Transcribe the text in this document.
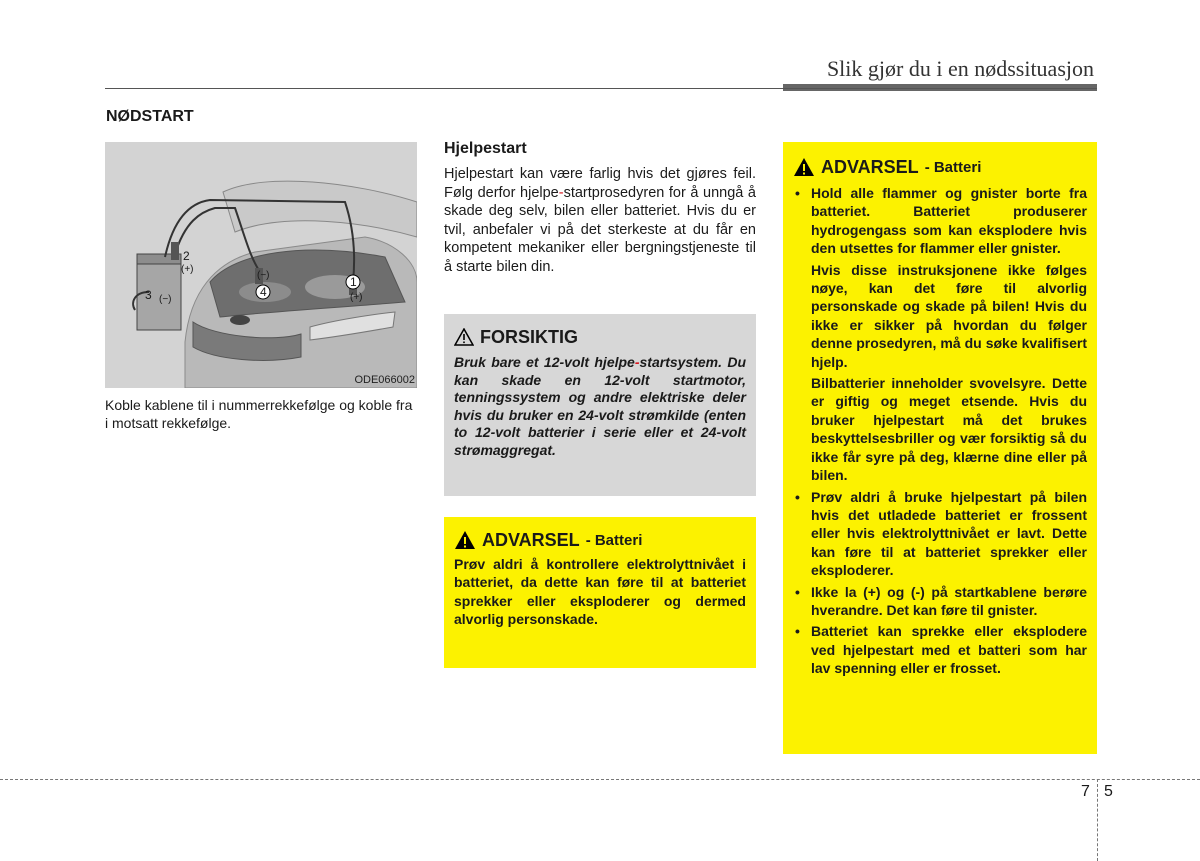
Slik gjør du i en nødssituasjon
NØDSTART
1
2
3	4	(+)
(+)
(−)
(−)
ODE066002
Koble kablene til i nummerrekkefølge og koble fra i motsatt rekkefølge.
Hjelpestart
Hjelpestart kan være farlig hvis det gjøres feil. Følg derfor hjelpe-startprosedyren for å unngå å skade deg selv, bilen eller batteriet. Hvis du er tvil, anbefaler vi på det sterkeste at du får en kompetent mekaniker eller bergningstjeneste til å starte bilen din.
FORSIKTIG
Bruk bare et 12-volt hjelpe-startsystem. Du kan skade en 12-volt startmotor, tenningssystem og andre elektriske deler hvis du bruker en 24-volt strømkilde (enten to 12-volt batterier i serie eller et 24-volt strømaggregat.
ADVARSEL - Batteri
Prøv aldri å kontrollere elektrolyttnivået i batteriet, da dette kan føre til at batteriet sprekker eller eksploderer og dermed alvorlig personskade.
ADVARSEL - Batteri
• Hold alle flammer og gnister borte fra batteriet. Batteriet produserer hydrogengass som kan eksplodere hvis den utsettes for flammer eller gnister.

Hvis disse instruksjonene ikke følges nøye, kan det føre til alvorlig personskade og skade på bilen! Hvis du ikke er sikker på hvordan du følger denne prosedyren, må du søke kvalifisert hjelp.

Bilbatterier inneholder svovelsyre. Dette er giftig og meget etsende. Hvis du bruker hjelpestart må det brukes beskyttelsesbriller og vær forsiktig så du ikke får syre på deg, klærne dine eller på bilen.

• Prøv aldri å bruke hjelpestart på bilen hvis det utladede batteriet er frossent eller hvis elektrolyttnivået er lavt. Dette kan føre til at batteriet sprekker eller eksploderer.

• Ikke la (+) og (-) på startkablene berøre hverandre. Det kan føre til gnister.

• Batteriet kan sprekke eller eksplodere ved hjelpestart med et batteri som har lav spenning eller er frosset.

7 5
